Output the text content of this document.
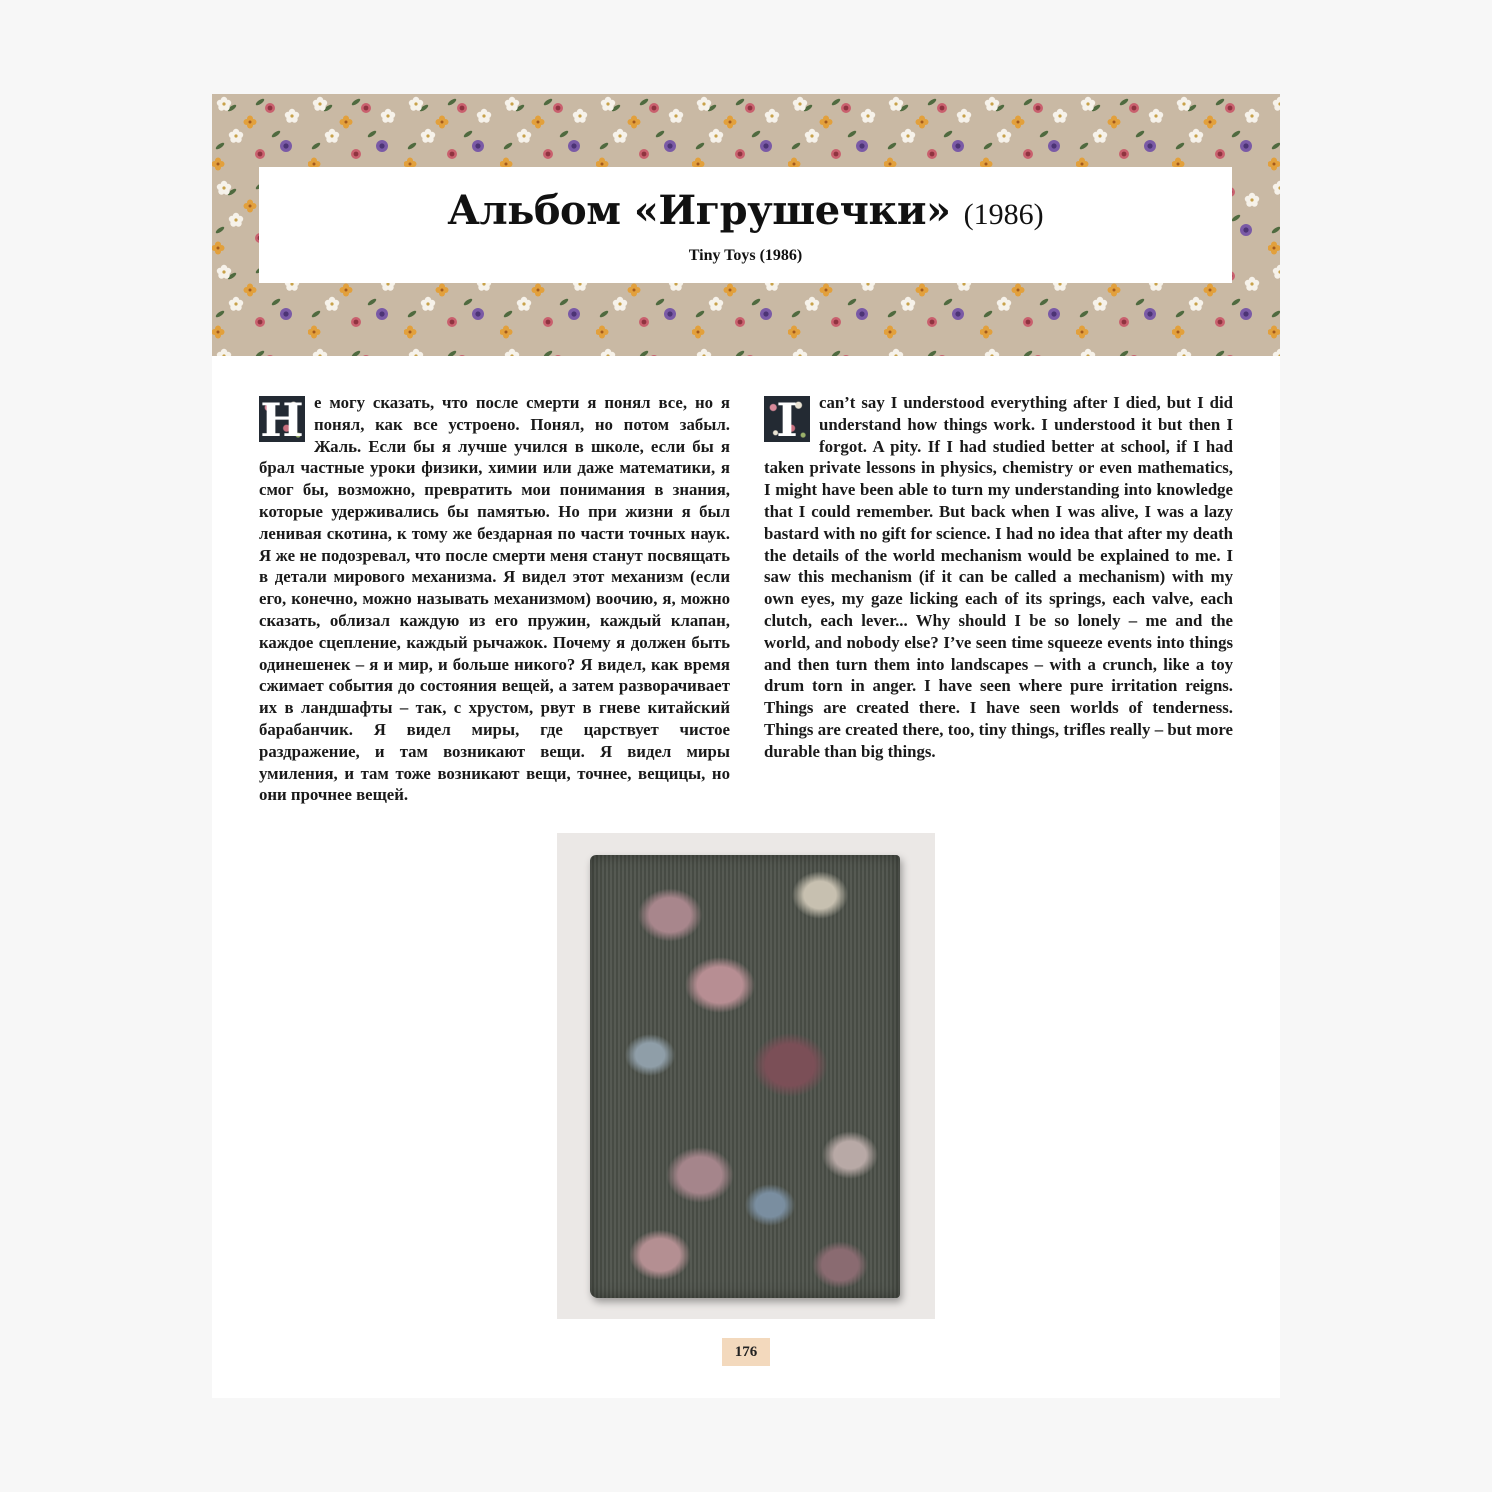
Альбом «Игрушечки» (1986)
Tiny Toys (1986)
Н е могу сказать, что после смерти я понял все, но я понял, как все устроено. Понял, но потом забыл. Жаль. Если бы я лучше учился в школе, если бы я брал частные уроки физики, химии или даже математики, я смог бы, возможно, превратить мои понимания в знания, которые удерживались бы памятью. Но при жизни я был ленивая скотина, к тому же бездарная по части точных наук. Я же не подозревал, что после смерти меня станут посвящать в детали мирового механизма. Я видел этот механизм (если его, конечно, можно называть механизмом) воочию, я, можно сказать, облизал каждую из его пружин, каждый клапан, каждое сцепление, каждый рычажок. Почему я должен быть одинешенек – я и мир, и больше никого? Я видел, как время сжимает события до состояния вещей, а затем разворачивает их в ландшафты – так, с хрустом, рвут в гневе китайский барабанчик. Я видел миры, где царствует чистое раздражение, и там возникают вещи. Я видел миры умиления, и там тоже возникают вещи, точнее, вещицы, но они прочнее вещей.
I	can’t say I understood everything after I died, but I did understand how things work. I understood it but then I forgot. A pity. If I had studied better at school, if I had taken private lessons in physics, chemistry or even mathematics, I might have been able to turn my understanding into knowledge that I could remember. But back when I was alive, I was a lazy bastard with no gift for science. I had no idea that after my death the details of the world mechanism would be explained to me. I saw this mechanism (if it can be called a mechanism) with my own eyes, my gaze licking each of its springs, each valve, each clutch, each lever... Why should I be so lonely – me and the world, and nobody else? I’ve seen time squeeze events into things and then turn them into landscapes – with a crunch, like a toy drum torn in anger. I have seen where pure irritation reigns. Things are created there. I have seen worlds of tenderness. Things are created there, too, tiny things, trifles really – but more durable than big things.
176
